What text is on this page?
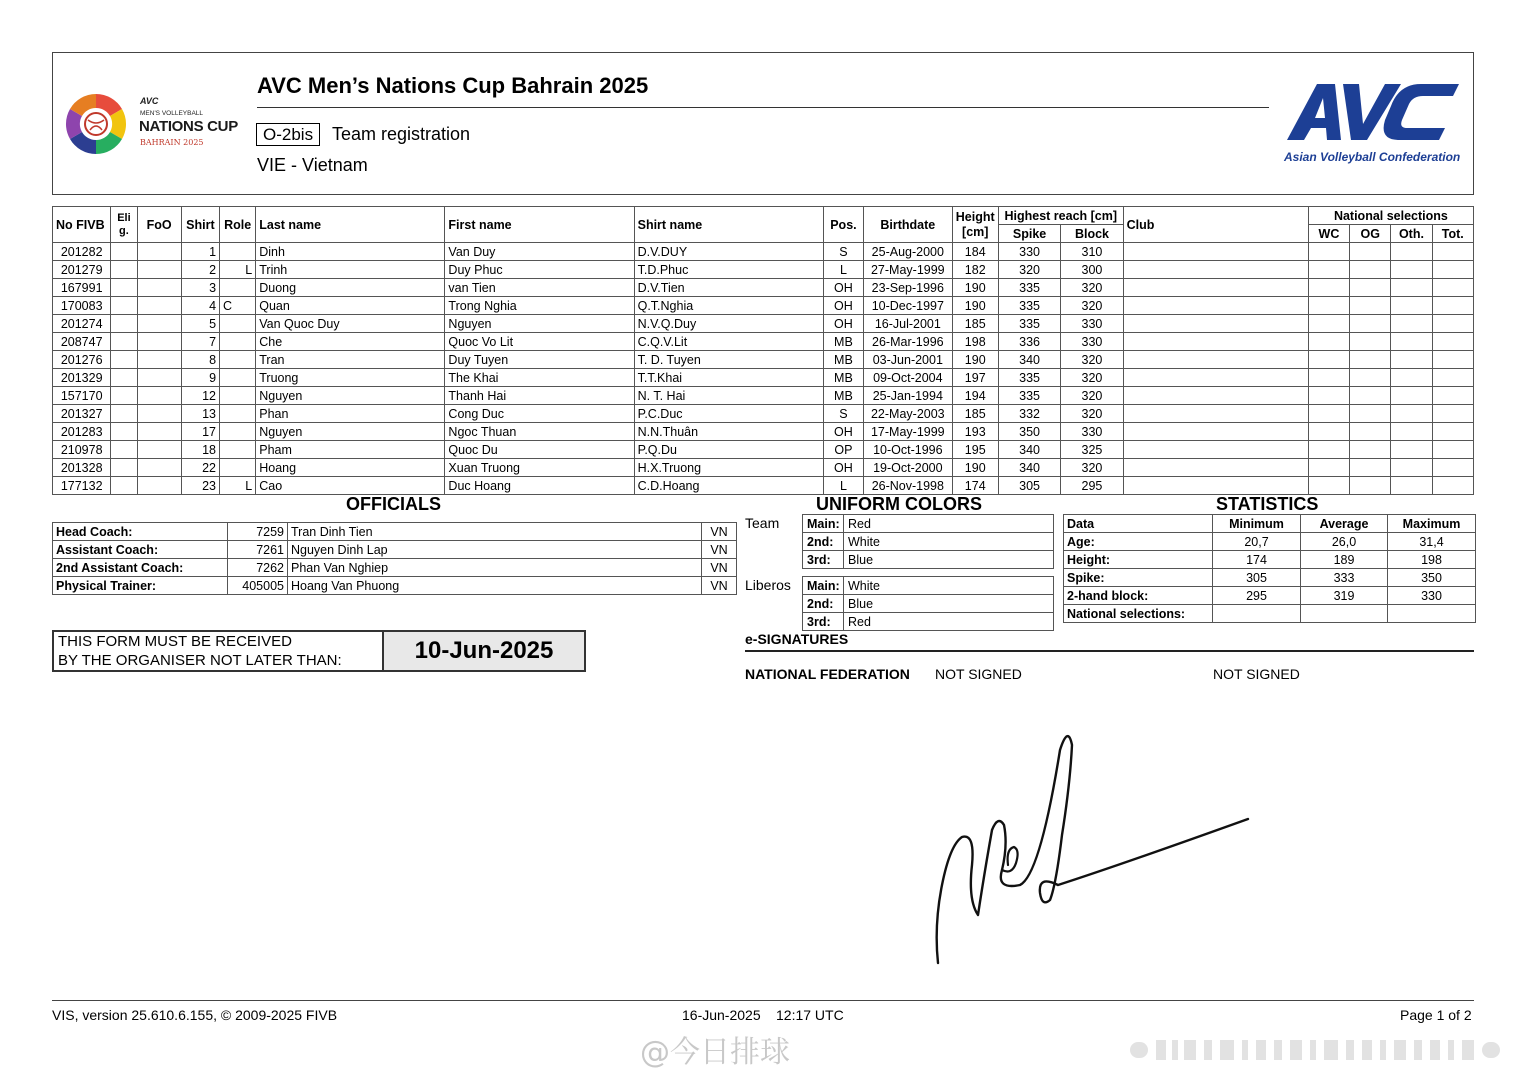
AVC
MEN'S VOLLEYBALL
NATIONS CUP
BAHRAIN 2025
AVC Men’s Nations Cup Bahrain 2025
O-2bis	Team registration
VIE - Vietnam	Asian Volleyball Confederation
No FIVB	Eli g.	FoO	Shirt	Role	Last name	First name	Shirt name	Pos.	Birthdate	Height [cm]	Highest reach [cm]		Club	National selections			
											Spike	Block		WC	OG	Oth.	Tot.
201282			1		Dinh	Van Duy	D.V.DUY	S	25-Aug-2000	184	330	310					
201279			2	L	Trinh	Duy Phuc	T.D.Phuc	L	27-May-1999	182	320	300					
167991			3		Duong	van Tien	D.V.Tien	OH	23-Sep-1996	190	335	320					
170083			4	C	Quan	Trong Nghia	Q.T.Nghia	OH	10-Dec-1997	190	335	320					
201274			5		Van Quoc Duy	Nguyen	N.V.Q.Duy	OH	16-Jul-2001	185	335	330					
208747			7		Che	Quoc Vo Lit	C.Q.V.Lit	MB	26-Mar-1996	198	336	330					
201276			8		Tran	Duy Tuyen	T. D. Tuyen	MB	03-Jun-2001	190	340	320					
201329			9		Truong	The Khai	T.T.Khai	MB	09-Oct-2004	197	335	320					
157170			12		Nguyen	Thanh Hai	N. T. Hai	MB	25-Jan-1994	194	335	320					
201327			13		Phan	Cong Duc	P.C.Duc	S	22-May-2003	185	332	320					
201283			17		Nguyen	Ngoc Thuan	N.N.Thuân	OH	17-May-1999	193	350	330					
210978			18		Pham	Quoc Du	P.Q.Du	OP	10-Oct-1996	195	340	325					
201328			22		Hoang	Xuan Truong	H.X.Truong	OH	19-Oct-2000	190	340	320					
177132			23	L	Cao	Duc Hoang	C.D.Hoang	L	26-Nov-1998	174	305	295					
OFFICIALS
Head Coach:	7259	Tran Dinh Tien	VN
Assistant Coach:	7261	Nguyen Dinh Lap	VN
2nd Assistant Coach:	7262	Phan Van Nghiep	VN
Physical Trainer:	405005	Hoang Van Phuong	VN
UNIFORM COLORS
Team
Liberos
Main:	Red
2nd:	White
3rd:	Blue
Main:	White
2nd:	Blue
3rd:	Red
STATISTICS
Data	Minimum	Average	Maximum
Age:	20,7	26,0	31,4
Height:	174	189	198
Spike:	305	333	350
2-hand block:	295	319	330
National selections:			
THIS FORM MUST BE RECEIVED
BY THE ORGANISER NOT LATER THAN:	10-Jun-2025	e-SIGNATURES
NATIONAL FEDERATION NOT SIGNED	NOT SIGNED
VIS, version 25.610.6.155, © 2009-2025 FIVB	16-Jun-2025 12:17 UTC	Page 1 of 2
@今日排球
